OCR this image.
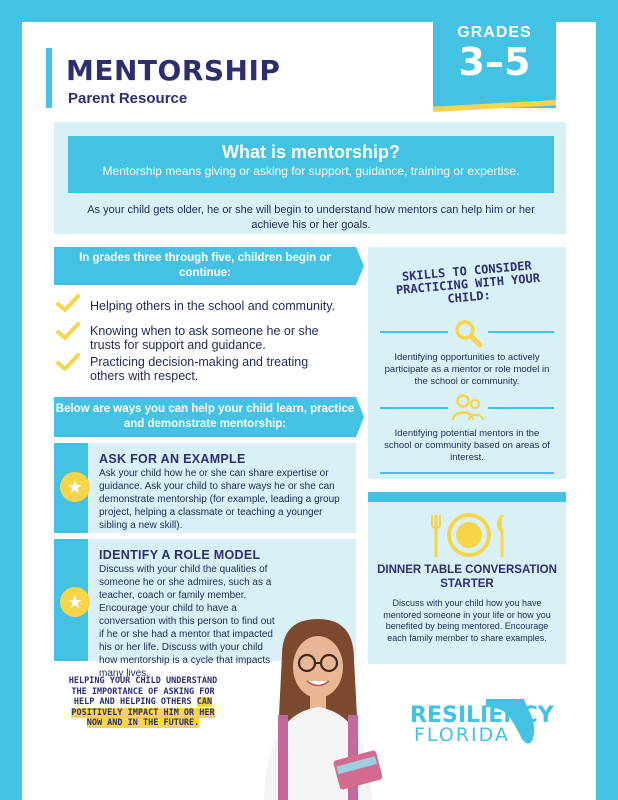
MENTORSHIP
Parent Resource
GRADES
3–5
What is mentorship?
Mentorship means giving or asking for support, guidance, training or expertise.
As your child gets older, he or she will begin to understand how mentors can help him or her achieve his or her goals.
In grades three through five, children begin or continue:
Helping others in the school and community.
Knowing when to ask someone he or she trusts for support and guidance.
Practicing decision-making and treating others with respect.
Below are ways you can help your child learn, practice and demonstrate mentorship:
★
ASK FOR AN EXAMPLE
Ask your child how he or she can share expertise or guidance. Ask your child to share ways he or she can demonstrate mentorship (for example, leading a group project, helping a classmate or teaching a younger sibling a new skill).
★
IDENTIFY A ROLE MODEL
Discuss with your child the qualities of someone he or she admires, such as a teacher, coach or family member. Encourage your child to have a conversation with this person to find out if he or she had a mentor that impacted his or her life. Discuss with your child how mentorship is a cycle that impacts many lives.
SKILLS TO CONSIDER PRACTICING WITH YOUR CHILD:
Identifying opportunities to actively participate as a mentor or role model in the school or community.
Identifying potential mentors in the school or community based on areas of interest.
DINNER TABLE CONVERSATION STARTER
Discuss with your child how you have mentored someone in your life or how you benefited by being mentored. Encourage each family member to share examples.
HELPING YOUR CHILD UNDERSTAND THE IMPORTANCE OF ASKING FOR HELP AND HELPING OTHERS CAN POSITIVELY IMPACT HIM OR HER NOW AND IN THE FUTURE.	RESILIENCY
FLORIDA
